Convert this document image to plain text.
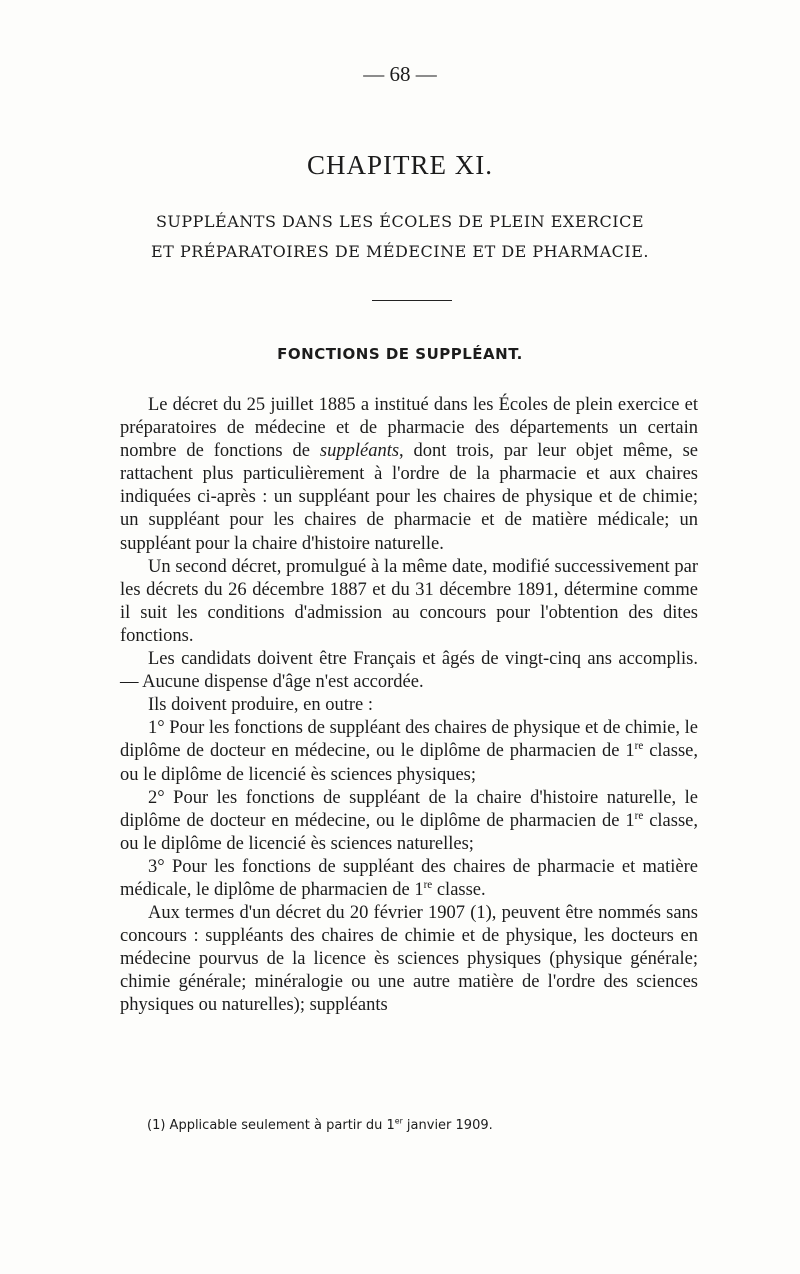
— 68 —
CHAPITRE XI.
SUPPLÉANTS DANS LES ÉCOLES DE PLEIN EXERCICE
ET PRÉPARATOIRES DE MÉDECINE ET DE PHARMACIE.
FONCTIONS DE SUPPLÉANT.

Le décret du 25 juillet 1885 a institué dans les Écoles de plein exercice et préparatoires de médecine et de pharmacie des départements un certain nombre de fonctions de suppléants, dont trois, par leur objet même, se rattachent plus particulièrement à l'ordre de la pharmacie et aux chaires indiquées ci-après : un suppléant pour les chaires de physique et de chimie; un suppléant pour les chaires de pharmacie et de matière médicale; un suppléant pour la chaire d'histoire naturelle.

Un second décret, promulgué à la même date, modifié successivement par les décrets du 26 décembre 1887 et du 31 décembre 1891, détermine comme il suit les conditions d'admission au concours pour l'obtention des dites fonctions.

Les candidats doivent être Français et âgés de vingt-cinq ans accomplis. — Aucune dispense d'âge n'est accordée.

Ils doivent produire, en outre :

1° Pour les fonctions de suppléant des chaires de physique et de chimie, le diplôme de docteur en médecine, ou le diplôme de pharmacien de 1re classe, ou le diplôme de licencié ès sciences physiques;

2° Pour les fonctions de suppléant de la chaire d'histoire naturelle, le diplôme de docteur en médecine, ou le diplôme de pharmacien de 1re classe, ou le diplôme de licencié ès sciences naturelles;

3° Pour les fonctions de suppléant des chaires de pharmacie et matière médicale, le diplôme de pharmacien de 1re classe.

Aux termes d'un décret du 20 février 1907 (1), peuvent être nommés sans concours : suppléants des chaires de chimie et de physique, les docteurs en médecine pourvus de la licence ès sciences physiques (physique générale; chimie générale; minéralogie ou une autre matière de l'ordre des sciences physiques ou naturelles); suppléants

(1) Applicable seulement à partir du 1er janvier 1909.
